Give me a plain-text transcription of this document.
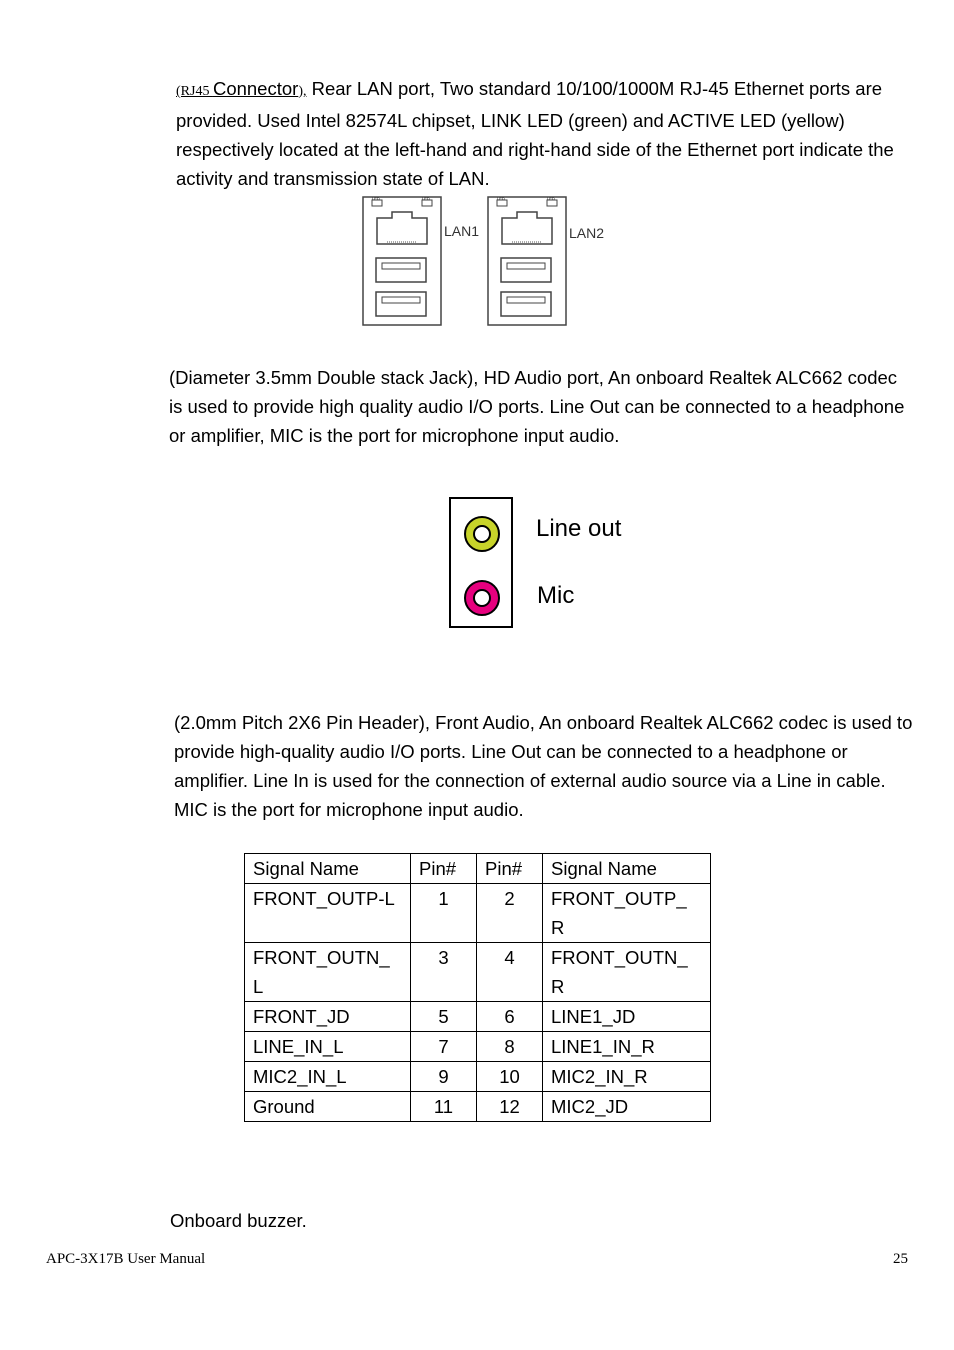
(RJ45 Connector), Rear LAN port, Two standard 10/100/1000M RJ-45 Ethernet ports are provided. Used Intel 82574L chipset, LINK LED (green) and ACTIVE LED (yellow) respectively located at the left-hand and right-hand side of the Ethernet port indicate the activity and transmission state of LAN.
LED	LED
LAN1
LED	LED
LAN2
(Diameter 3.5mm Double stack Jack), HD Audio port, An onboard Realtek ALC662 codec is used to provide high quality audio I/O ports. Line Out can be connected to a headphone or amplifier, MIC is the port for microphone input audio.
Line out
Mic
(2.0mm Pitch 2X6 Pin Header), Front Audio, An onboard Realtek ALC662 codec is used to provide high-quality audio I/O ports. Line Out can be connected to a headphone or amplifier. Line In is used for the connection of external audio source via a Line in cable. MIC is the port for microphone input audio.
Signal Name	Pin#	Pin#	Signal Name
FRONT_OUTP-L	1	2	FRONT_OUTP_
R
FRONT_OUTN_
L	3	4	FRONT_OUTN_
R
FRONT_JD	5	6	LINE1_JD
LINE_IN_L	7	8	LINE1_IN_R
MIC2_IN_L	9	10	MIC2_IN_R
Ground	11	12	MIC2_JD
Onboard buzzer.
APC-3X17B User Manual	25
